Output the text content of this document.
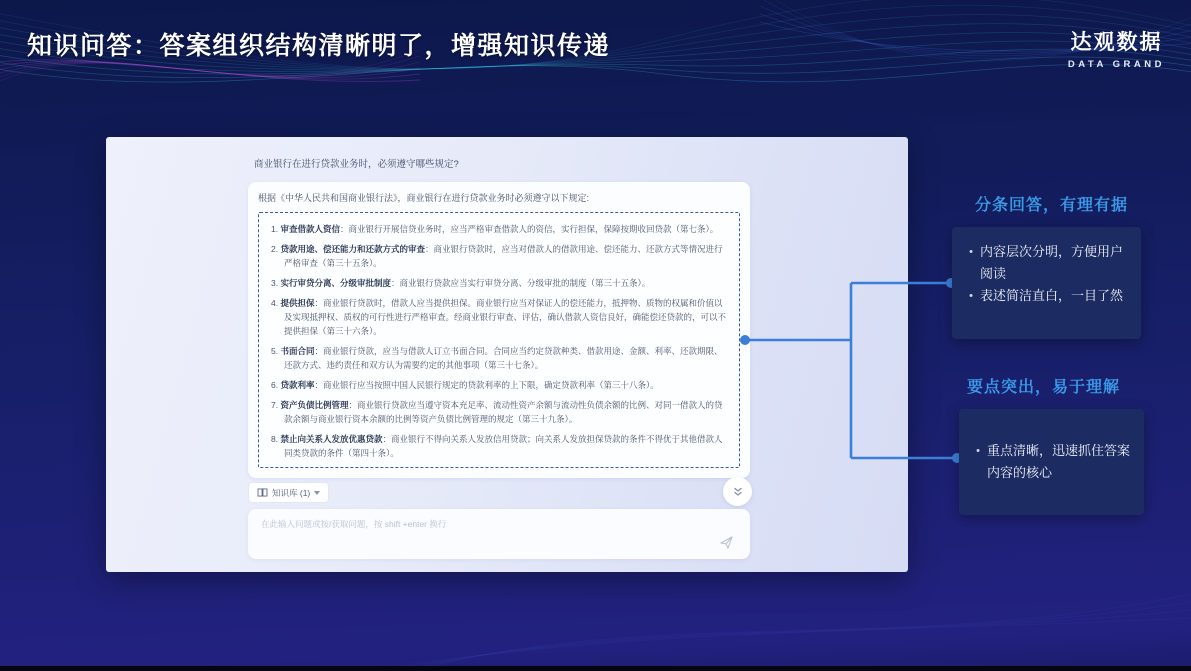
知识问答：答案组织结构清晰明了，增强知识传递	达观数据
DATA GRAND
商业银行在进行贷款业务时，必须遵守哪些规定?
根据《中华人民共和国商业银行法》，商业银行在进行贷款业务时必须遵守以下规定:
1. 审查借款人资信：商业银行开展信贷业务时，应当严格审查借款人的资信，实行担保，保障按期收回贷款（第七条）。
2. 贷款用途、偿还能力和还款方式的审查：商业银行贷款时，应当对借款人的借款用途、偿还能力、还款方式等情况进行严格审查（第三十五条）。
3. 实行审贷分离、分级审批制度：商业银行贷款应当实行审贷分离、分级审批的制度（第三十五条）。
4. 提供担保：商业银行贷款时，借款人应当提供担保。商业银行应当对保证人的偿还能力，抵押物、质物的权属和价值以及实现抵押权、质权的可行性进行严格审查。经商业银行审查、评估，确认借款人资信良好，确能偿还贷款的，可以不提供担保（第三十六条）。
5. 书面合同：商业银行贷款，应当与借款人订立书面合同。合同应当约定贷款种类、借款用途、金额、利率、还款期限、还款方式、违约责任和双方认为需要约定的其他事项（第三十七条）。
6. 贷款利率：商业银行应当按照中国人民银行规定的贷款利率的上下限，确定贷款利率（第三十八条）。
7. 资产负债比例管理：商业银行贷款应当遵守资本充足率、流动性资产余额与流动性负债余额的比例、对同一借款人的贷款余额与商业银行资本余额的比例等资产负债比例管理的规定（第三十九条）。
8. 禁止向关系人发放优惠贷款：商业银行不得向关系人发放信用贷款；向关系人发放担保贷款的条件不得优于其他借款人同类贷款的条件（第四十条）。
知识库 (1)
在此输入问题或按/获取问题，按 shift +enter 换行
分条回答，有理有据
• 内容层次分明，方便用户阅读
• 表述简洁直白，一目了然
要点突出，易于理解
• 重点清晰，迅速抓住答案内容的核心
